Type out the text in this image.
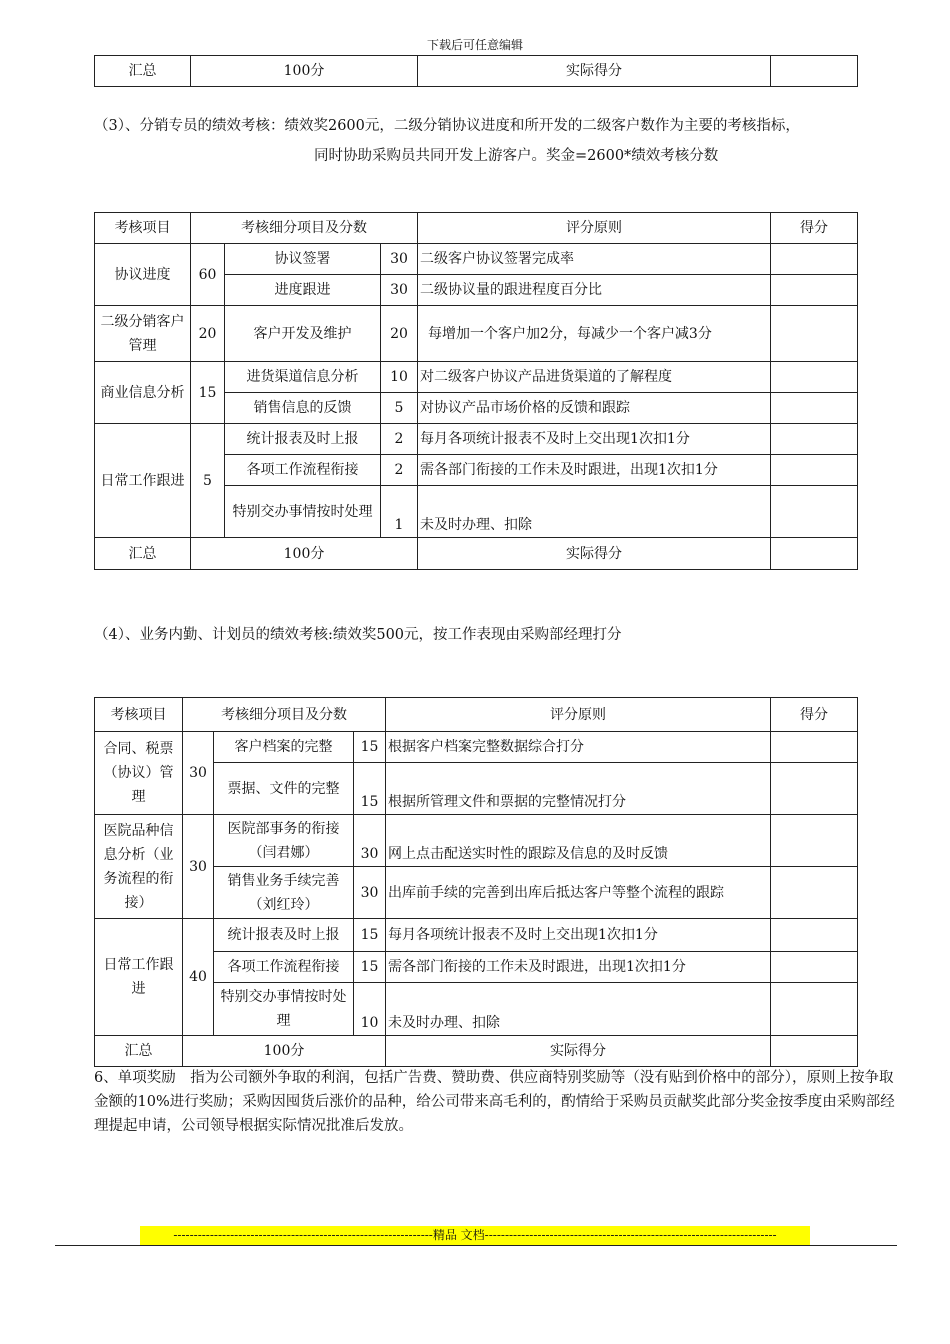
下载后可任意编辑
汇总	100分	实际得分	
（3）、分销专员的绩效考核：绩效奖2600元，二级分销协议进度和所开发的二级客户数作为主要的考核指标，
同时协助采购员共同开发上游客户。奖金=2600*绩效考核分数
考核项目	考核细分项目及分数			评分原则	得分
协议进度	60	协议签署	30	二级客户协议签署完成率	
		进度跟进	30	二级协议量的跟进程度百分比	
二级分销客户管理	20	客户开发及维护	20	每增加一个客户加2分，每减少一个客户减3分	
商业信息分析	15	进货渠道信息分析	10	对二级客户协议产品进货渠道的了解程度	
		销售信息的反馈	5	对协议产品市场价格的反馈和跟踪	
日常工作跟进	5	统计报表及时上报	2	每月各项统计报表不及时上交出现1次扣1分	
		各项工作流程衔接	2	需各部门衔接的工作未及时跟进，出现1次扣1分	
		特别交办事情按时处理	1	未及时办理、扣除	
汇总	100分			实际得分	
（4）、业务内勤、计划员的绩效考核:绩效奖500元，按工作表现由采购部经理打分
考核项目	考核细分项目及分数			评分原则	得分
合同、税票（协议）管理	30	客户档案的完整	15	根据客户档案完整数据综合打分	
		票据、文件的完整	15	根据所管理文件和票据的完整情况打分	
医院品种信息分析（业务流程的衔接）	30	医院部事务的衔接（闫君娜）	30	网上点击配送实时性的跟踪及信息的及时反馈	
		销售业务手续完善（刘红玲）	30	出库前手续的完善到出库后抵达客户等整个流程的跟踪	
日常工作跟进	40	统计报表及时上报	15	每月各项统计报表不及时上交出现1次扣1分	
		各项工作流程衔接	15	需各部门衔接的工作未及时跟进，出现1次扣1分	
		特别交办事情按时处理	10	未及时办理、扣除	
汇总	100分			实际得分	
6、单项奖励　指为公司额外争取的利润，包括广告费、赞助费、供应商特别奖励等（没有贴到价格中的部分），原则上按争取金额的10%进行奖励；采购因囤货后涨价的品种，给公司带来高毛利的，酌情给于采购员贡献奖此部分奖金按季度由采购部经理提起申请，公司领导根据实际情况批准后发放。
----------------------------------------------------------------精品 文档------------------------------------------------------------------------
